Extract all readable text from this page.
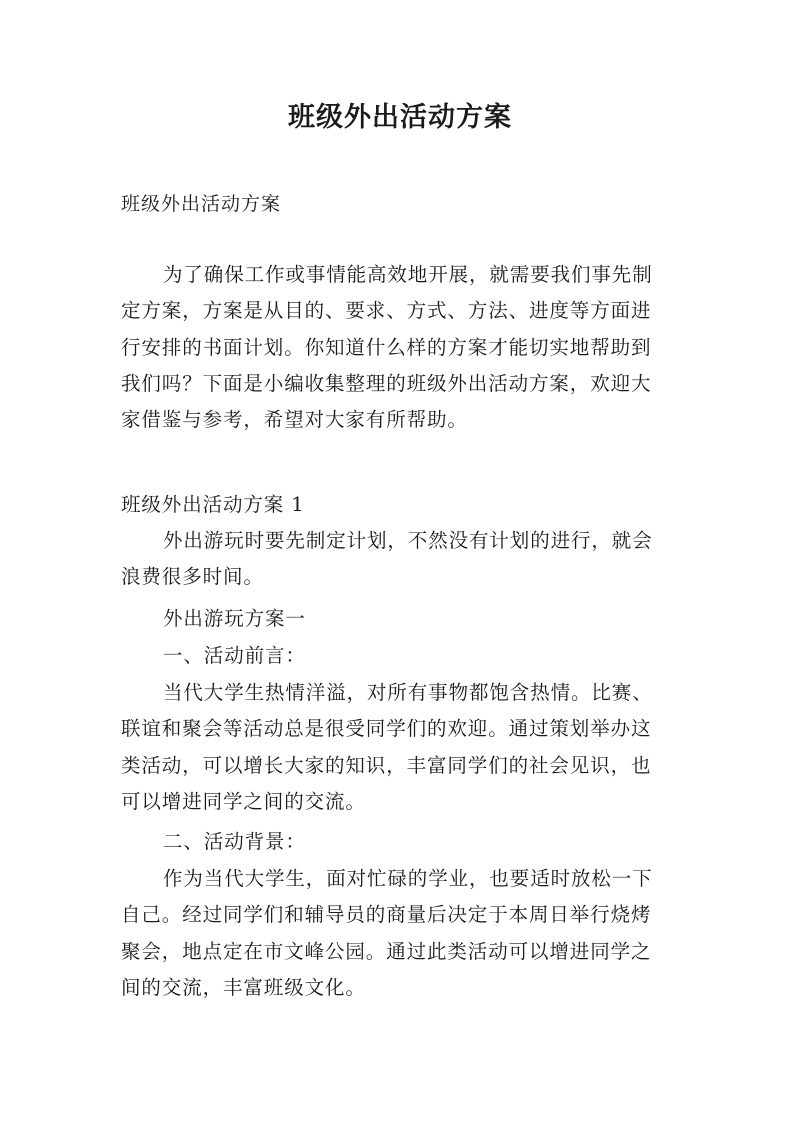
班级外出活动方案
班级外出活动方案
为了确保工作或事情能高效地开展，就需要我们事先制
定方案，方案是从目的、要求、方式、方法、进度等方面进
行安排的书面计划。你知道什么样的方案才能切实地帮助到
我们吗？下面是小编收集整理的班级外出活动方案，欢迎大
家借鉴与参考，希望对大家有所帮助。
班级外出活动方案 1
外出游玩时要先制定计划，不然没有计划的进行，就会
浪费很多时间。
外出游玩方案一
一、活动前言：
当代大学生热情洋溢，对所有事物都饱含热情。比赛、
联谊和聚会等活动总是很受同学们的欢迎。通过策划举办这
类活动，可以增长大家的知识，丰富同学们的社会见识，也
可以增进同学之间的交流。
二、活动背景：
作为当代大学生，面对忙碌的学业，也要适时放松一下
自己。经过同学们和辅导员的商量后决定于本周日举行烧烤
聚会，地点定在市文峰公园。通过此类活动可以增进同学之
间的交流，丰富班级文化。
